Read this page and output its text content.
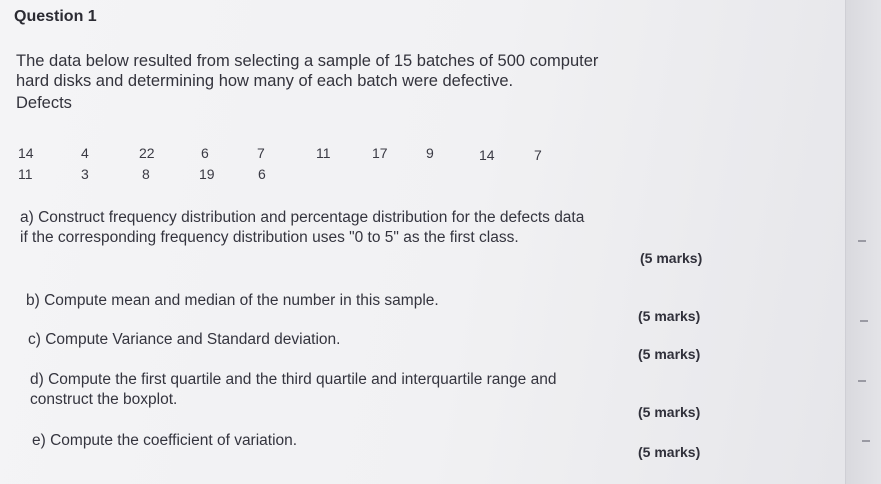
Question 1
The data below resulted from selecting a sample of 15 batches of 500 computer
hard disks and determining how many of each batch were defective.
Defects
14	4	22	6	7	11	17	9	14	7
11	3	8	19	6
a) Construct frequency distribution and percentage distribution for the defects data
if the corresponding frequency distribution uses "0 to 5" as the first class.
(5 marks)
b) Compute mean and median of the number in this sample.
(5 marks)
c) Compute Variance and Standard deviation.
(5 marks)
d) Compute the first quartile and the third quartile and interquartile range and
construct the boxplot.
(5 marks)
e) Compute the coefficient of variation.
(5 marks)
